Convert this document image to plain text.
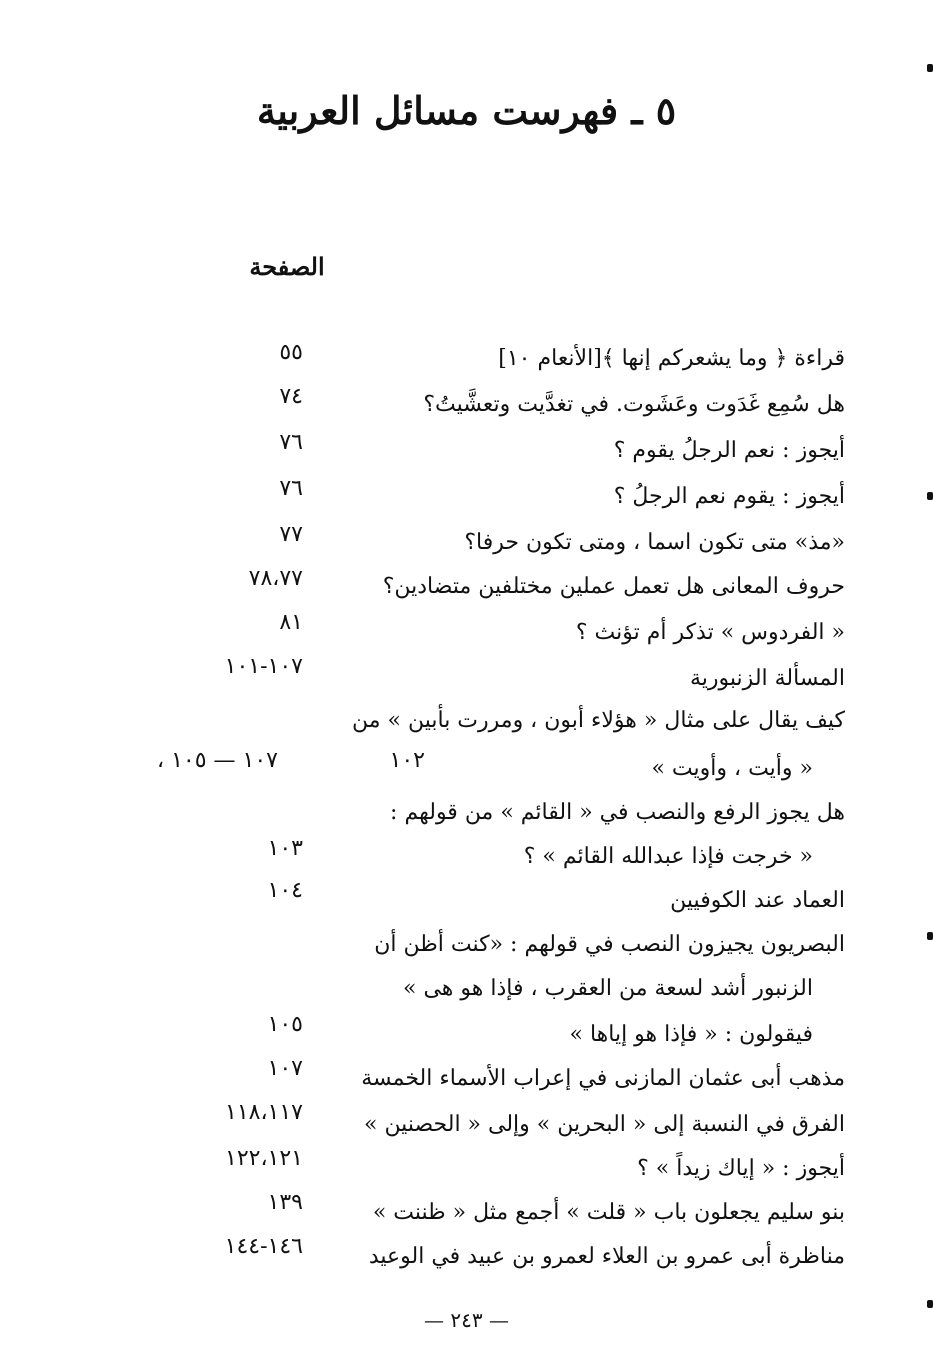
٥ ـ فهرست مسائل العربية
الصفحة
قراءة ﴿ وما يشعركم إنها ﴾[الأنعام ١٠]
٥٥
هل سُمِع غَدَوت وعَشَوت. في تغدَّيت وتعشَّيتُ؟
٧٤
أيجوز : نعم الرجلُ يقوم ؟
٧٦
أيجوز : يقوم نعم الرجلُ ؟
٧٦
«مذ» متى تكون اسما ، ومتى تكون حرفا؟
٧٧
حروف المعانى هل تعمل عملين مختلفين متضادين؟
٧٨،٧٧
« الفردوس » تذكر أم تؤنث ؟
٨١
المسألة الزنبورية
١٠٧-١٠١
كيف يقال على مثال « هؤلاء أبون ، ومررت بأبين » من
« وأيت ، وأويت »
١٠٢
١٠٧ — ١٠٥ ،
هل يجوز الرفع والنصب في « القائم » من قولهم :
« خرجت فإذا عبدالله القائم » ؟
١٠٣
العماد عند الكوفيين
١٠٤
البصريون يجيزون النصب في قولهم : «كنت أظن أن
الزنبور أشد لسعة من العقرب ، فإذا هو هى »
فيقولون : « فإذا هو إياها »
١٠٥
مذهب أبى عثمان المازنى في إعراب الأسماء الخمسة
١٠٧
الفرق في النسبة إلى « البحرين » وإلى « الحصنين »
١١٨،١١٧
أيجوز : « إياك زيداً » ؟
١٢٢،١٢١
بنو سليم يجعلون باب « قلت » أجمع مثل « ظننت »
١٣٩
مناظرة أبى عمرو بن العلاء لعمرو بن عبيد في الوعيد
١٤٦-١٤٤
— ٢٤٣ —
